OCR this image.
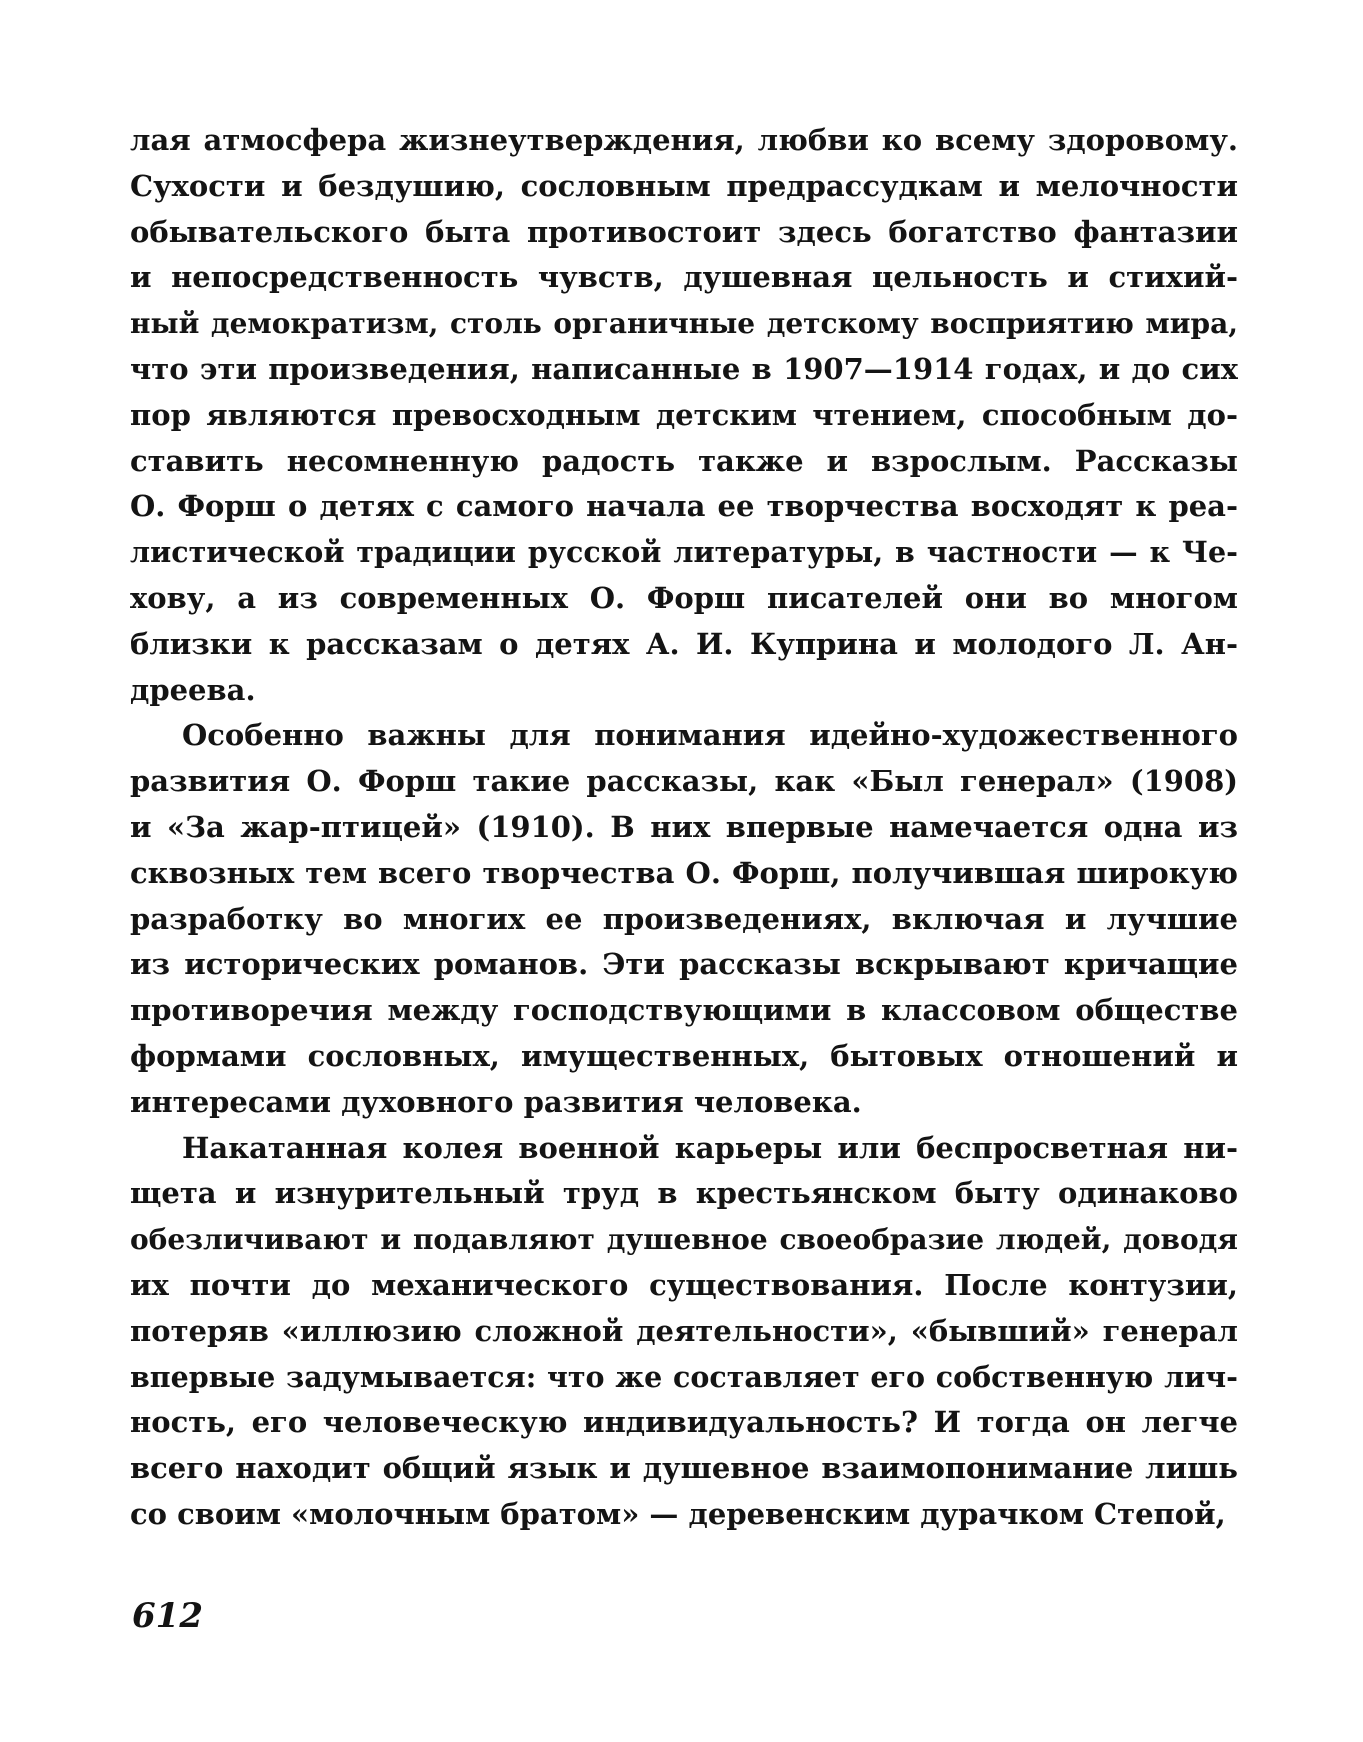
лая атмосфера жизнеутверждения, любви ко всему здоровому.
Сухости и бездушию, сословным предрассудкам и мелочности
обывательского быта противостоит здесь богатство фантазии
и непосредственность чувств, душевная цельность и стихий-
ный демократизм, столь органичные детскому восприятию мира,
что эти произведения, написанные в 1907—1914 годах, и до сих
пор являются превосходным детским чтением, способным до-
ставить несомненную радость также и взрослым. Рассказы
О. Форш о детях с самого начала ее творчества восходят к реа-
листической традиции русской литературы, в частности — к Че-
хову, а из современных О. Форш писателей они во многом
близки к рассказам о детях А. И. Куприна и молодого Л. Ан-
дреева.
Особенно важны для понимания идейно-художественного
развития О. Форш такие рассказы, как «Был генерал» (1908)
и «За жар-птицей» (1910). В них впервые намечается одна из
сквозных тем всего творчества О. Форш, получившая широкую
разработку во многих ее произведениях, включая и лучшие
из исторических романов. Эти рассказы вскрывают кричащие
противоречия между господствующими в классовом обществе
формами сословных, имущественных, бытовых отношений и
интересами духовного развития человека.
Накатанная колея военной карьеры или беспросветная ни-
щета и изнурительный труд в крестьянском быту одинаково
обезличивают и подавляют душевное своеобразие людей, доводя
их почти до механического существования. После контузии,
потеряв «иллюзию сложной деятельности», «бывший» генерал
впервые задумывается: что же составляет его собственную лич-
ность, его человеческую индивидуальность? И тогда он легче
всего находит общий язык и душевное взаимопонимание лишь
со своим «молочным братом» — деревенским дурачком Степой,
612
